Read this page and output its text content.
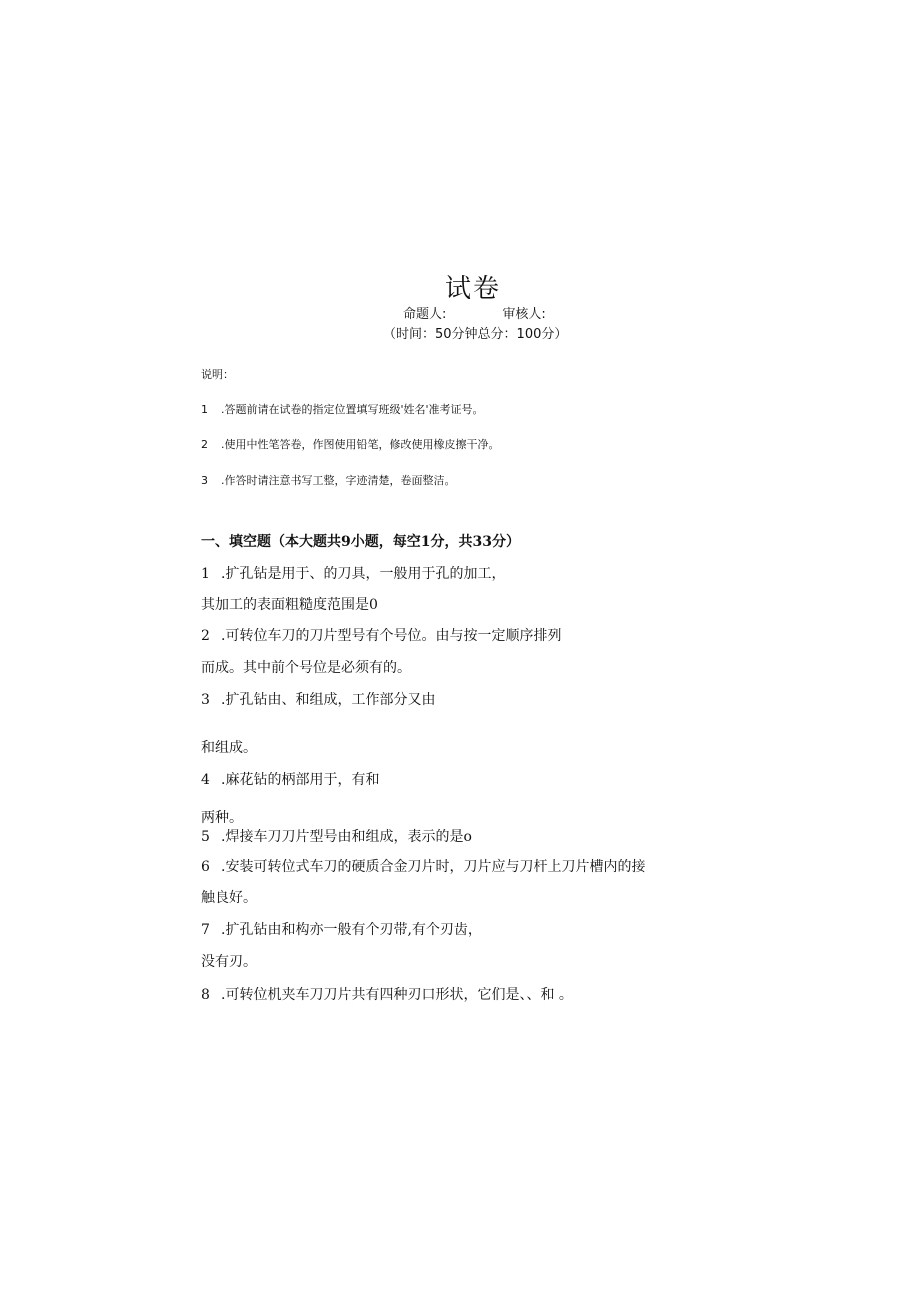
试卷
命题人:	审核人:
（时间：50分钟总分：100分）
说明：
1 .答题前请在试卷的指定位置填写班级'姓名'准考证号。
2 .使用中性笔答卷，作图使用铅笔，修改使用橡皮擦干净。
3 .作答时请注意书写工整，字迹清楚，卷面整洁。
一、填空题（本大题共9小题，每空1分，共33分）
1 .扩孔钻是用于、的刀具，一般用于孔的加工，
其加工的表面粗糙度范围是0
2 .可转位车刀的刀片型号有个号位。由与按一定顺序排列
而成。其中前个号位是必须有的。
3 .扩孔钻由、和组成，工作部分又由
和组成。
4 .麻花钻的柄部用于，有和
两种。
5 .焊接车刀刀片型号由和组成，表示的是o
6 .安装可转位式车刀的硬质合金刀片时，刀片应与刀杆上刀片槽内的接
触良好。
7 .扩孔钻由和构亦一般有个刃带,有个刃齿，
没有刃。
8 .可转位机夹车刀刀片共有四种刃口形状，它们是、、和 。
